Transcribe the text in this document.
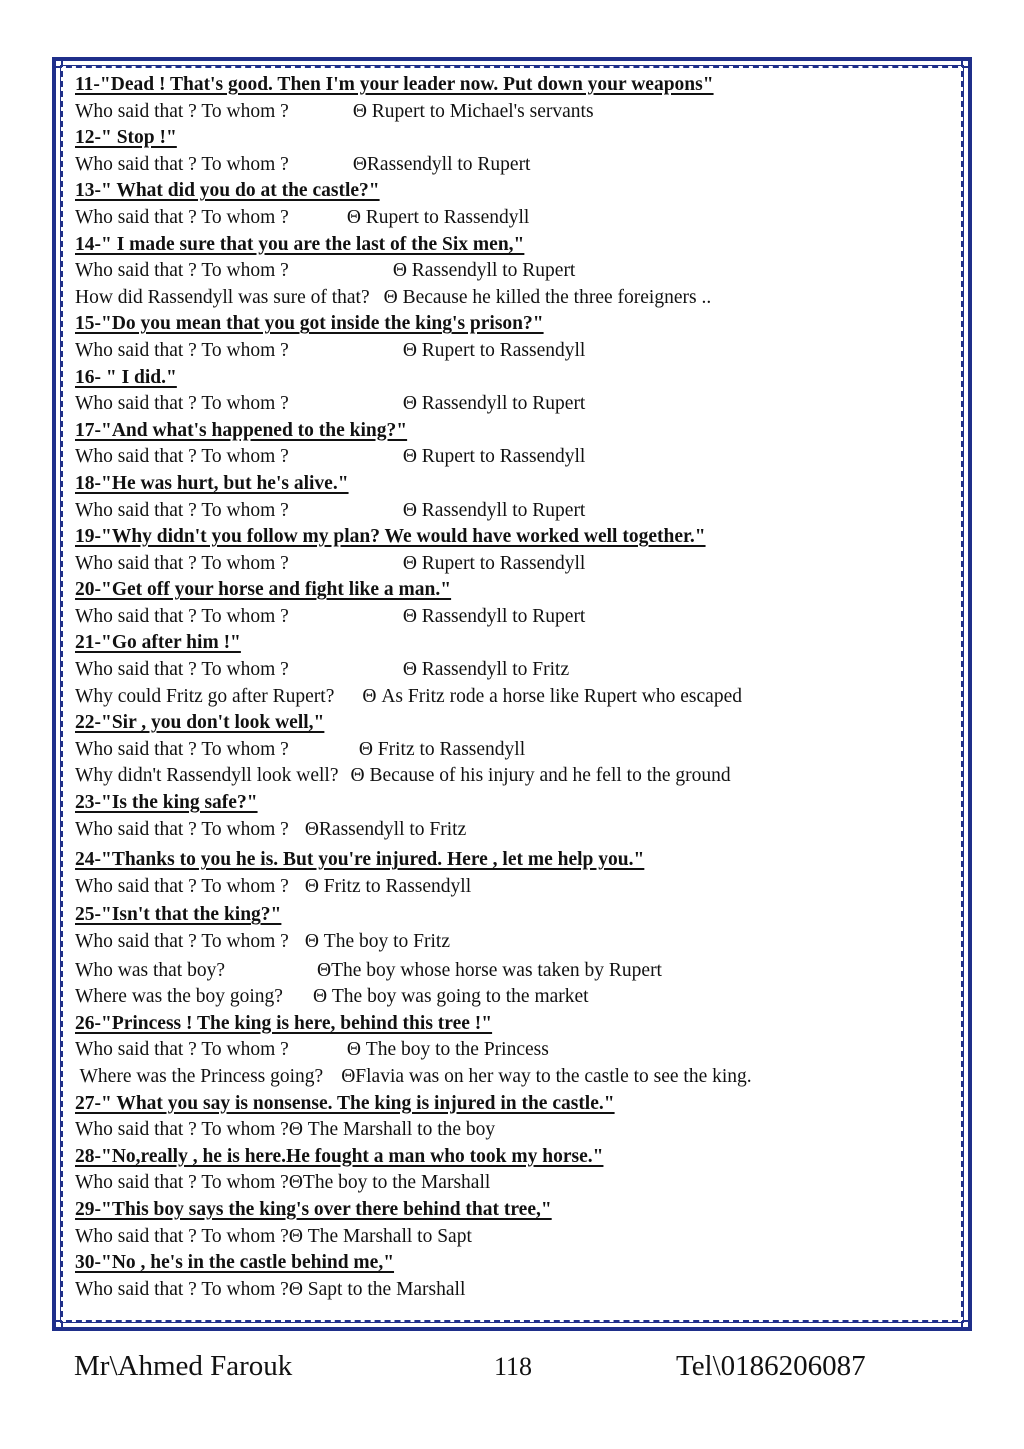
11-"Dead ! That's good. Then I'm your leader now. Put down your weapons"
Who said that ? To whom ?	Θ Rupert to Michael's servants
12-" Stop !"
Who said that ? To whom ?	ΘRassendyll to Rupert
13-" What did you do at the castle?"
Who said that ? To whom ?	Θ Rupert to Rassendyll
14-" I made sure that you are the last of the Six men,"
Who said that ? To whom ?	Θ Rassendyll to Rupert
How did Rassendyll was sure of that? Θ Because he killed the three foreigners ..
15-"Do you mean that you got inside the king's prison?"
Who said that ? To whom ?	Θ Rupert to Rassendyll
16- " I did."
Who said that ? To whom ?	Θ Rassendyll to Rupert
17-"And what's happened to the king?"
Who said that ? To whom ?	Θ Rupert to Rassendyll
18-"He was hurt, but he's alive."
Who said that ? To whom ?	Θ Rassendyll to Rupert
19-"Why didn't you follow my plan? We would have worked well together."
Who said that ? To whom ?	Θ Rupert to Rassendyll
20-"Get off your horse and fight like a man."
Who said that ? To whom ?	Θ Rassendyll to Rupert
21-"Go after him !"
Who said that ? To whom ?	Θ Rassendyll to Fritz
Why could Fritz go after Rupert? Θ As Fritz rode a horse like Rupert who escaped
22-"Sir , you don't look well,"
Who said that ? To whom ?	Θ Fritz to Rassendyll
Why didn't Rassendyll look well? Θ Because of his injury and he fell to the ground
23-"Is the king safe?"
Who said that ? To whom ? ΘRassendyll to Fritz
24-"Thanks to you he is. But you're injured. Here , let me help you."
Who said that ? To whom ? Θ Fritz to Rassendyll
25-"Isn't that the king?"
Who said that ? To whom ? Θ The boy to Fritz
Who was that boy?	ΘThe boy whose horse was taken by Rupert
Where was the boy going? Θ The boy was going to the market
26-"Princess ! The king is here, behind this tree !"
Who said that ? To whom ?	Θ The boy to the Princess
Where was the Princess going? ΘFlavia was on her way to the castle to see the king.
27-" What you say is nonsense. The king is injured in the castle."
Who said that ? To whom ?Θ The Marshall to the boy
28-"No,really , he is here.He fought a man who took my horse."
Who said that ? To whom ?ΘThe boy to the Marshall
29-"This boy says the king's over there behind that tree,"
Who said that ? To whom ?Θ The Marshall to Sapt
30-"No , he's in the castle behind me,"
Who said that ? To whom ?Θ Sapt to the Marshall
Mr\Ahmed Farouk	118	Tel\0186206087
